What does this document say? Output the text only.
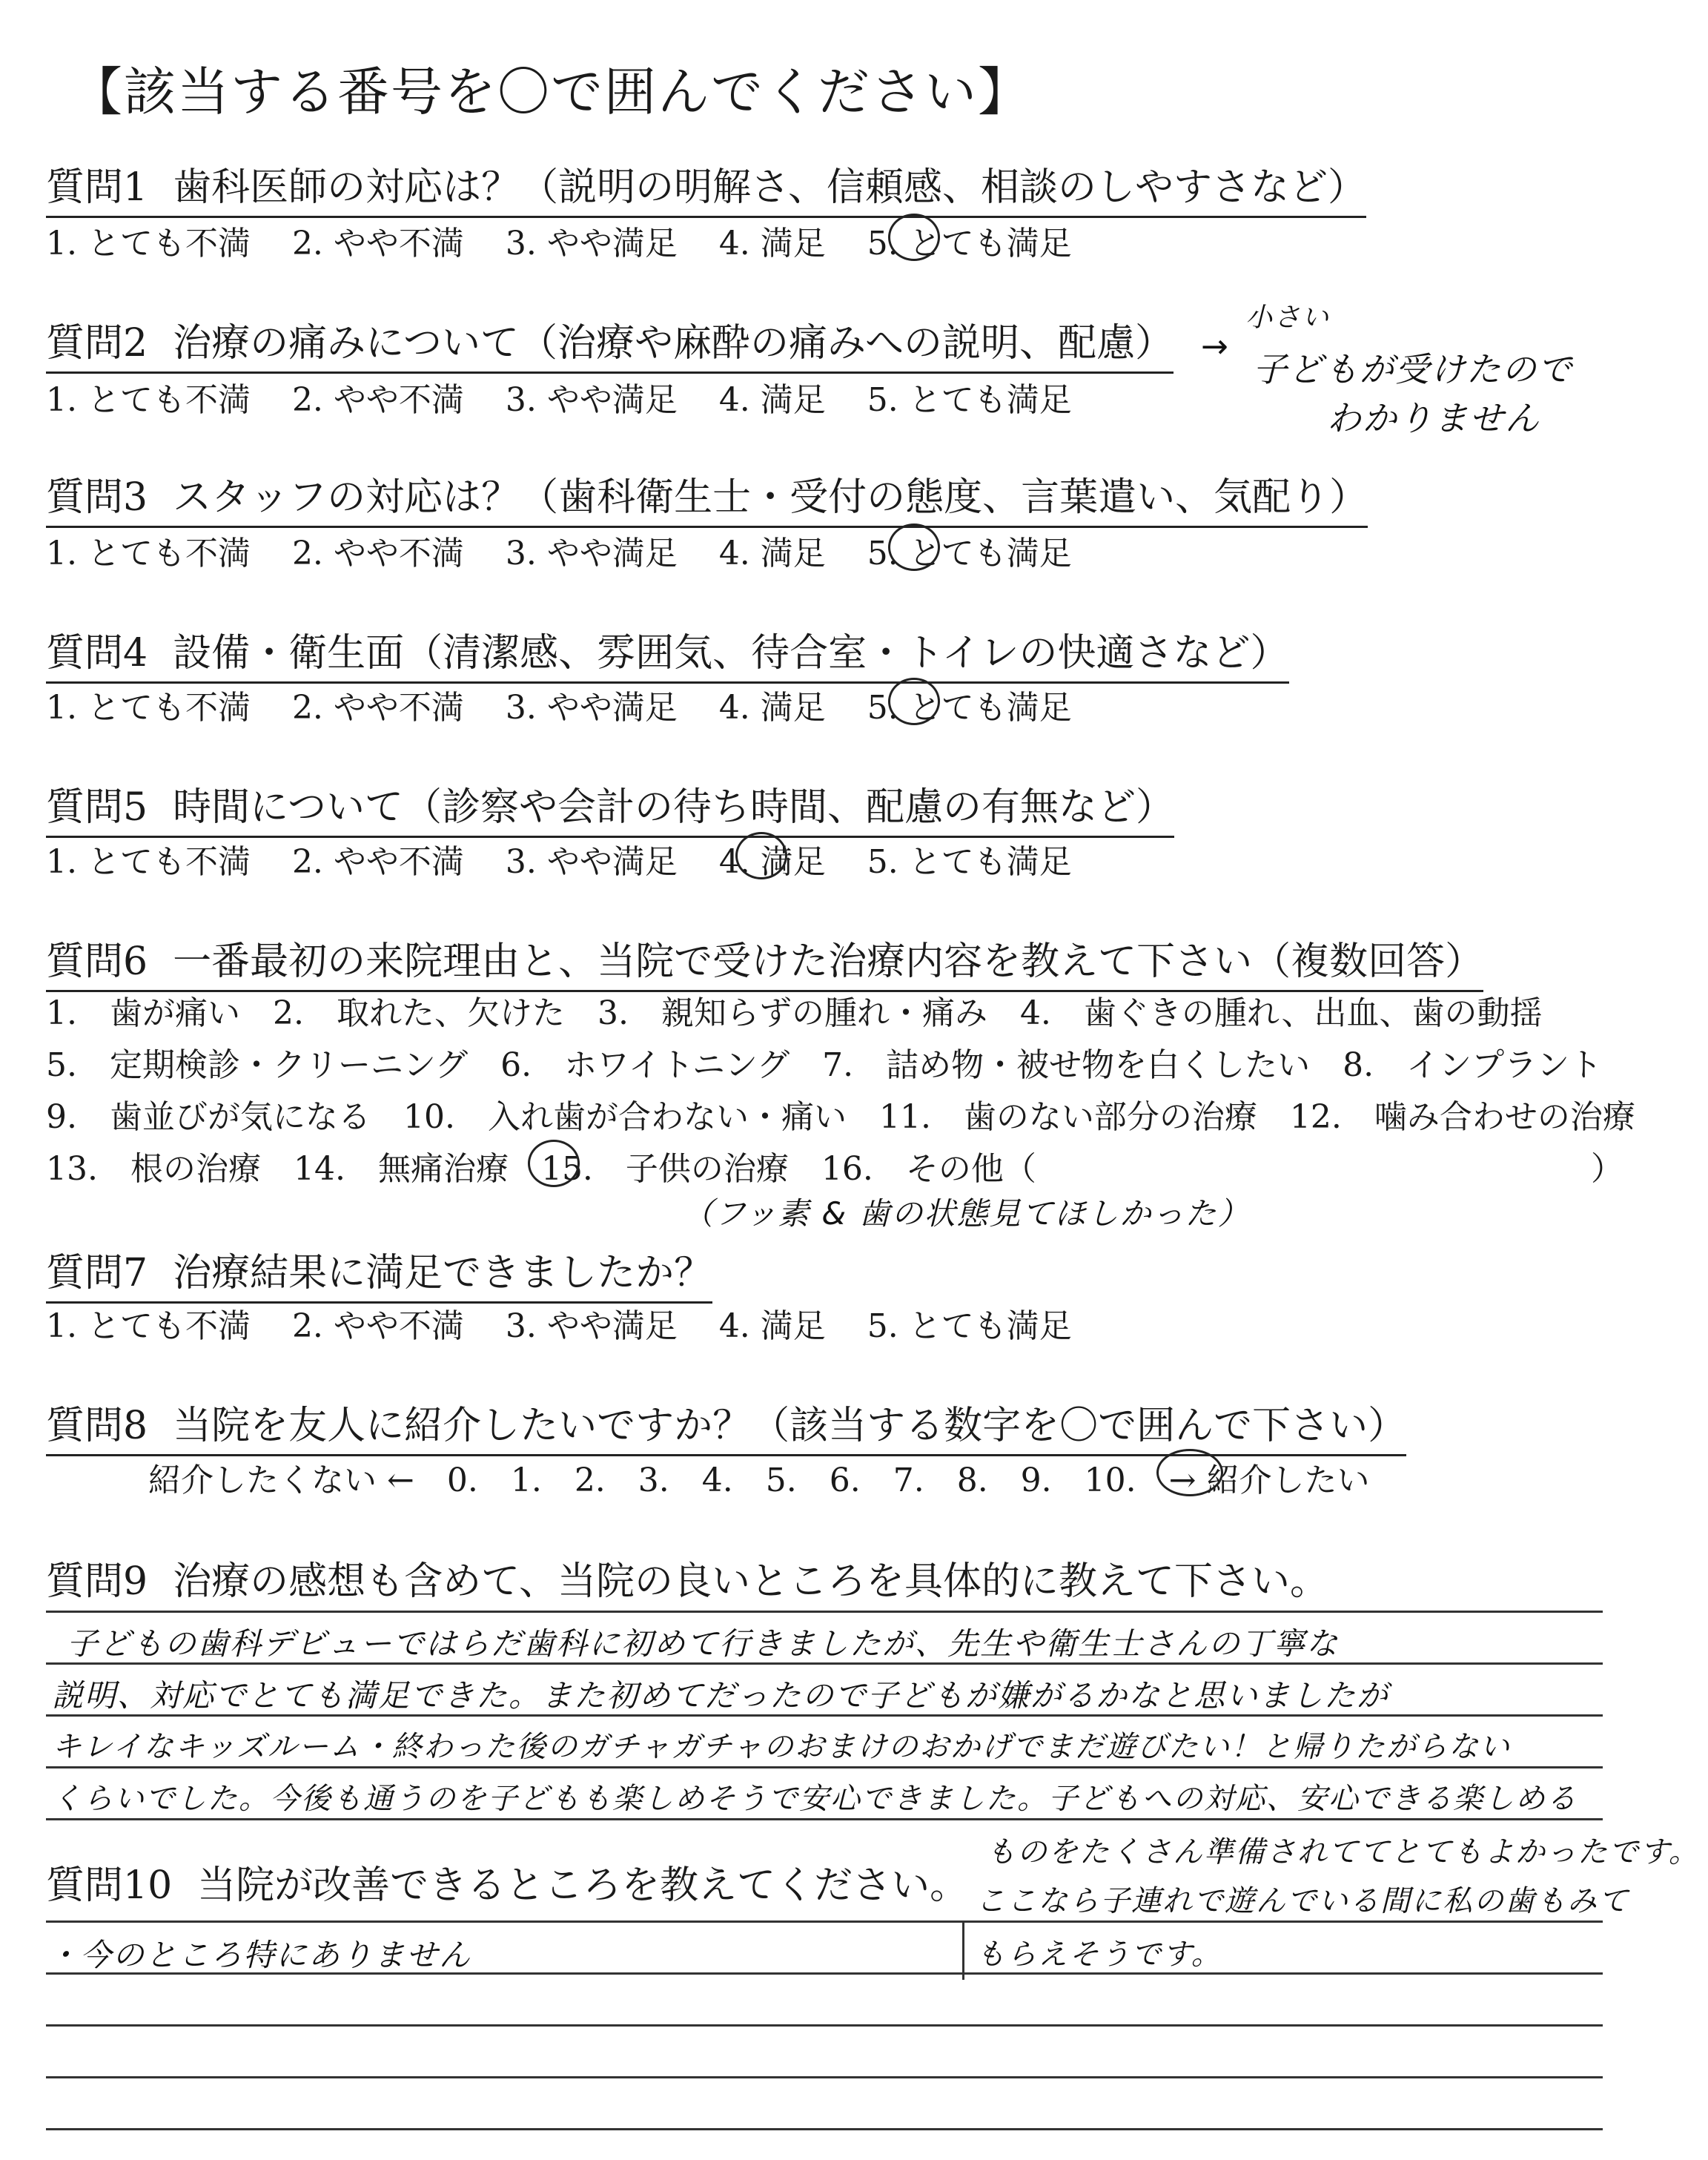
【該当する番号を〇で囲んでください】
質問1 歯科医師の対応は？（説明の明解さ、信頼感、相談のしやすさなど）
1. とても不満 2. やや不満 3. やや満足 4. 満足 5. とても満足
質問2 治療の痛みについて（治療や麻酔の痛みへの説明、配慮）
1. とても不満 2. やや不満 3. やや満足 4. 満足 5. とても満足
→
小さい
子どもが受けたので
わかりません
質問3 スタッフの対応は？（歯科衛生士・受付の態度、言葉遣い、気配り）
1. とても不満 2. やや不満 3. やや満足 4. 満足 5. とても満足
質問4 設備・衛生面（清潔感、雰囲気、待合室・トイレの快適さなど）
1. とても不満 2. やや不満 3. やや満足 4. 満足 5. とても満足
質問5 時間について（診察や会計の待ち時間、配慮の有無など）
1. とても不満 2. やや不満 3. やや満足 4. 満足 5. とても満足
質問6 一番最初の来院理由と、当院で受けた治療内容を教えて下さい（複数回答）
1.　歯が痛い　2.　取れた、欠けた　3.　親知らずの腫れ・痛み　4.　歯ぐきの腫れ、出血、歯の動揺
5.　定期検診・クリーニング　6.　ホワイトニング　7.　詰め物・被せ物を白くしたい　8.　インプラント
9.　歯並びが気になる　10.　入れ歯が合わない・痛い　11.　歯のない部分の治療　12.　噛み合わせの治療
13.　根の治療　14.　無痛治療　15.　子供の治療　16.　その他（	）
（フッ素 & 歯の状態見てほしかった）
質問7 治療結果に満足できましたか？
1. とても不満 2. やや不満 3. やや満足 4. 満足 5. とても満足
質問8 当院を友人に紹介したいですか？（該当する数字を〇で囲んで下さい）
紹介したくない ←　0.　1.　2.　3.　4.　5.　6.　7.　8.　9.　10.　→ 紹介したい
質問9 治療の感想も含めて、当院の良いところを具体的に教えて下さい。
子どもの歯科デビューではらだ歯科に初めて行きましたが、先生や衛生士さんの丁寧な
説明、対応でとても満足できた。また初めてだったので子どもが嫌がるかなと思いましたが
キレイなキッズルーム・終わった後のガチャガチャのおまけのおかげでまだ遊びたい！と帰りたがらない
くらいでした。今後も通うのを子どもも楽しめそうで安心できました。子どもへの対応、安心できる楽しめる
ものをたくさん準備されててとてもよかったです。
ここなら子連れで遊んでいる間に私の歯もみて
もらえそうです。
質問10 当院が改善できるところを教えてください。
・今のところ特にありません
